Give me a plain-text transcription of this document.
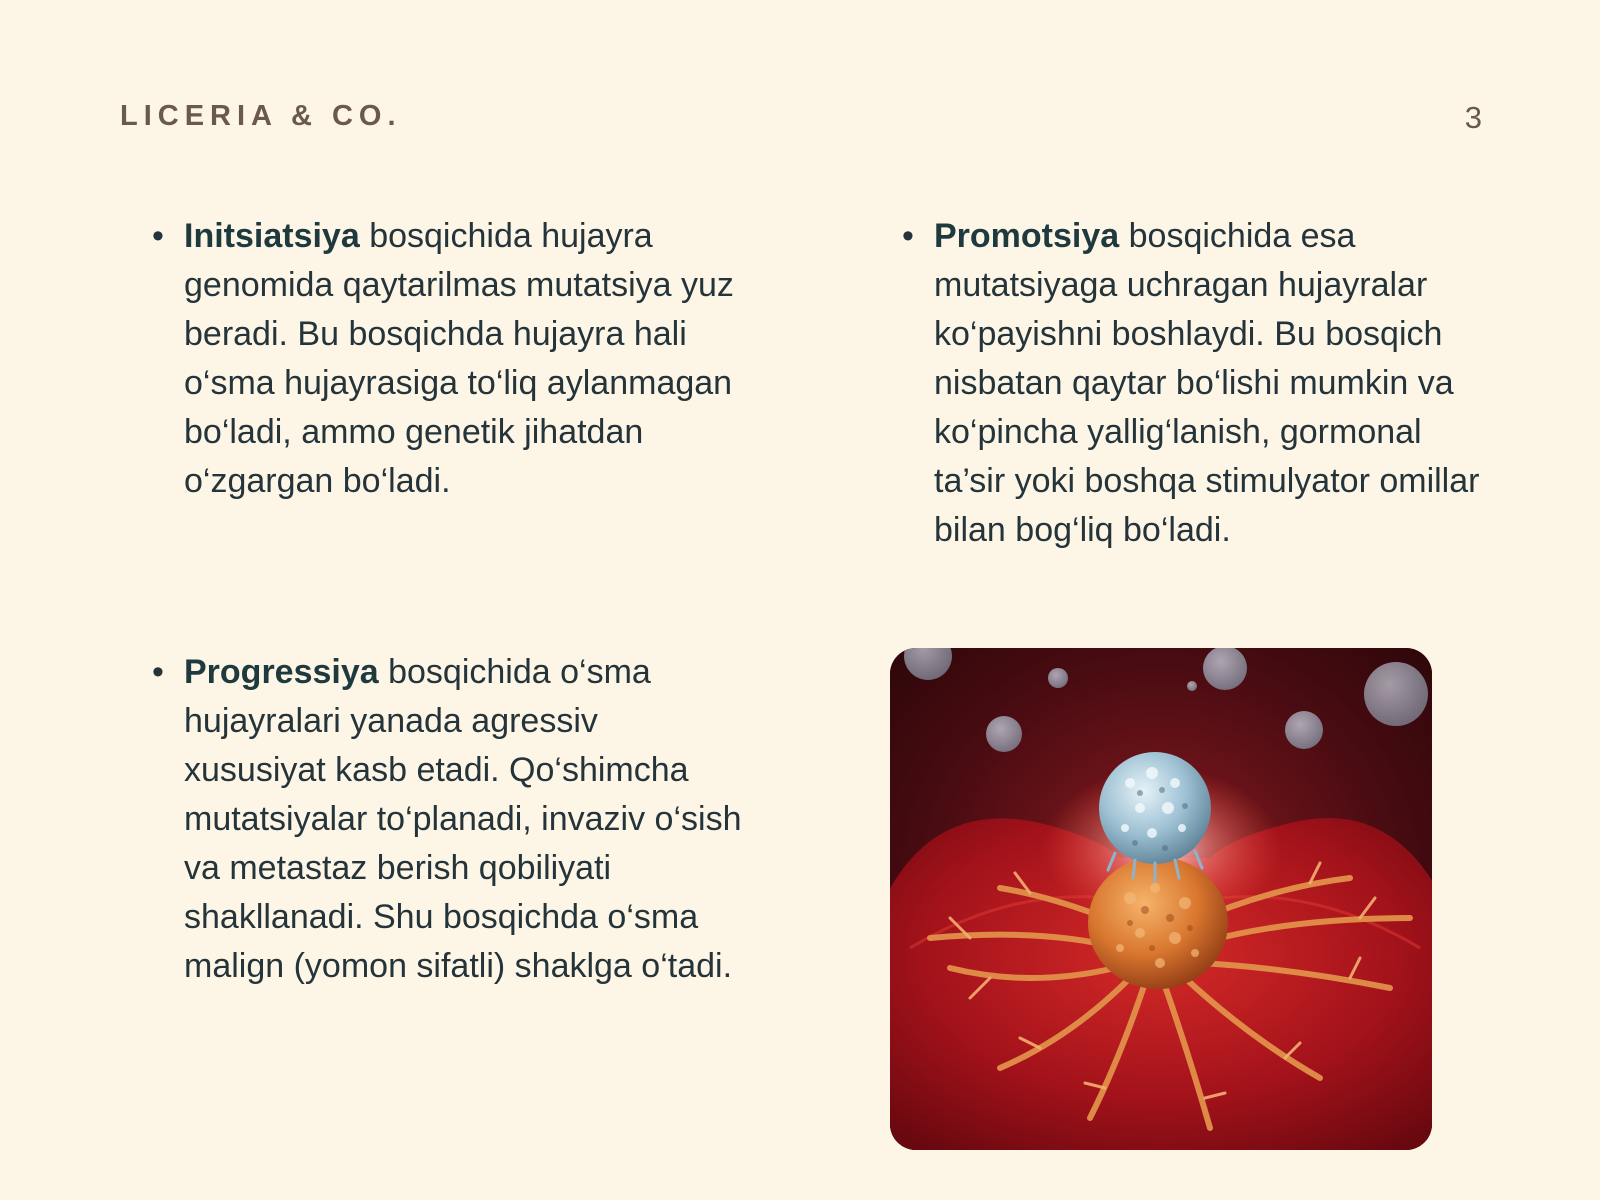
LICERIA & CO.	3
• Initsiatsiya bosqichida hujayra genomida qaytarilmas mutatsiya yuz beradi. Bu bosqichda hujayra hali o‘sma hujayrasiga to‘liq aylanmagan bo‘ladi, ammo genetik jihatdan o‘zgargan bo‘ladi.
• Promotsiya bosqichida esa mutatsiyaga uchragan hujayralar ko‘payishni boshlaydi. Bu bosqich nisbatan qaytar bo‘lishi mumkin va ko‘pincha yallig‘lanish, gormonal ta’sir yoki boshqa stimulyator omillar bilan bog‘liq bo‘ladi.
• Progressiya bosqichida o‘sma hujayralari yanada agressiv xususiyat kasb etadi. Qo‘shimcha mutatsiyalar to‘planadi, invaziv o‘sish va metastaz berish qobiliyati shakllanadi. Shu bosqichda o‘sma malign (yomon sifatli) shaklga o‘tadi.
